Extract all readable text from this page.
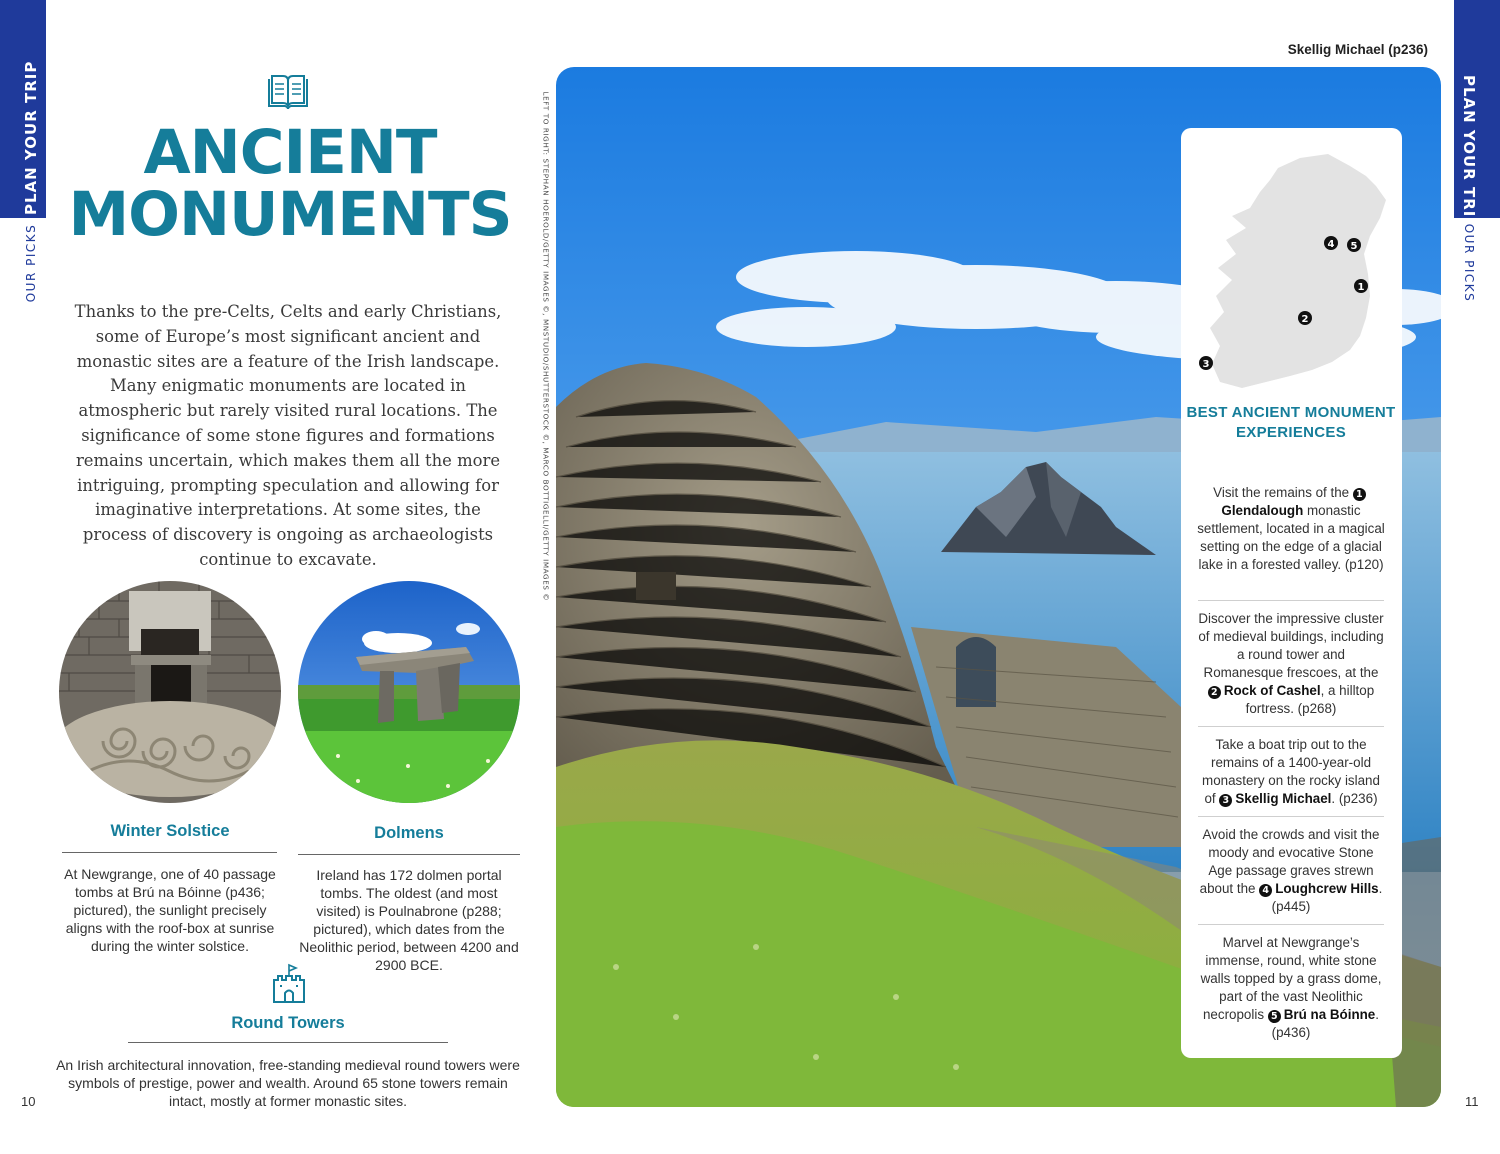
PLAN YOUR TRIP
OUR PICKS
PLAN YOUR TRIP
OUR PICKS
10	11
ANCIENT
MONUMENTS
Thanks to the pre-Celts, Celts and early Christians, some of Europe’s most significant ancient and monastic sites are a feature of the Irish landscape. Many enigmatic monuments are located in atmospheric but rarely visited rural locations. The significance of some stone figures and formations remains uncertain, which makes them all the more intriguing, prompting speculation and allowing for imaginative interpretations. At some sites, the process of discovery is ongoing as archaeologists continue to excavate.
Winter Solstice
At Newgrange, one of 40 passage tombs at Brú na Bóinne (p436; pictured), the sunlight precisely aligns with the roof-box at sunrise during the winter solstice.
Dolmens
Ireland has 172 dolmen portal tombs. The oldest (and most visited) is Poulnabrone (p288; pictured), which dates from the Neolithic period, between 4200 and 2900 BCE.
Round Towers
An Irish architectural innovation, free-standing medieval round towers were symbols of prestige, power and wealth. Around 65 stone towers remain intact, mostly at former monastic sites.
LEFT TO RIGHT: STEPHAN HOEROLD/GETTY IMAGES ©, MNSTUDIO/SHUTTERSTOCK ©, MARCO BOTTIGELLI/GETTY IMAGES ©
Skellig Michael (p236)
4 5
1
2
3
BEST ANCIENT MONUMENT EXPERIENCES
Visit the remains of the 1Glendalough monastic settlement, located in a magical setting on the edge of a glacial lake in a forested valley. (p120)
Discover the impressive cluster of medieval buildings, including a round tower and Romanesque frescoes, at the 2 Rock of Cashel, a hilltop fortress. (p268)
Take a boat trip out to the remains of a 1400-year-old monastery on the rocky island of 3 Skellig Michael. (p236)
Avoid the crowds and visit the moody and evocative Stone Age passage graves strewn about the 4 Loughcrew Hills. (p445)
Marvel at Newgrange’s immense, round, white stone walls topped by a grass dome, part of the vast Neolithic necropolis 5 Brú na Bóinne. (p436)
